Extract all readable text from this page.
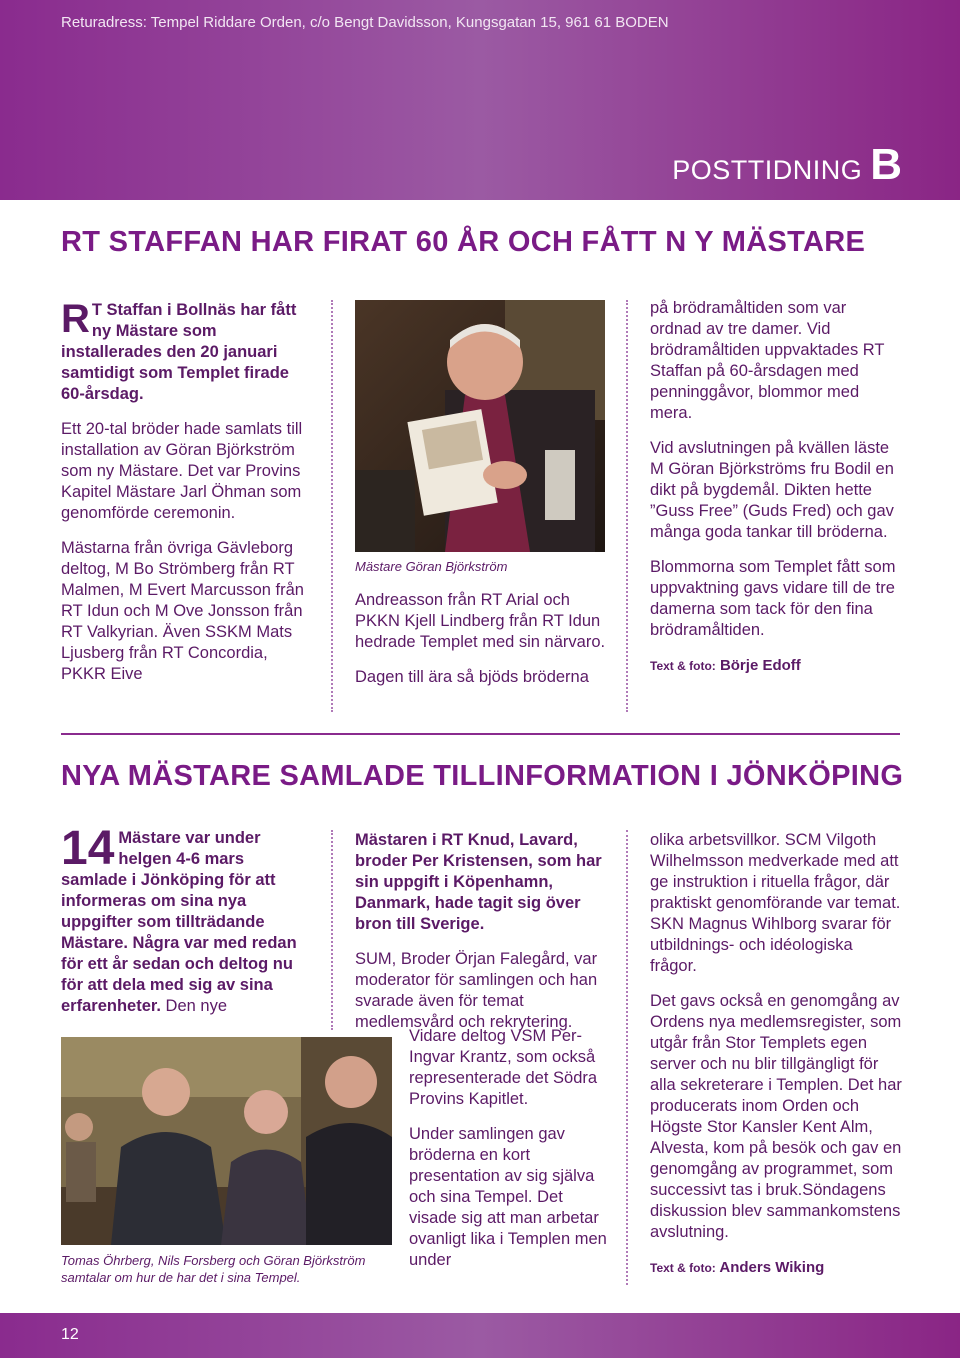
Returadress: Tempel Riddare Orden, c/o Bengt Davidsson, Kungsgatan 15, 961 61 BODEN
POSTTIDNING B
RT STAFFAN HAR FIRAT 60 ÅR OCH FÅTT N Y MÄSTARE

R T Staffan i Bollnäs har fått ny Mästare som installerades den 20 januari samtidigt som Templet firade 60-årsdag.

Ett 20-tal bröder hade samlats till installation av Göran Björkström som ny Mästare. Det var Provins Kapitel Mästare Jarl Öhman som genomförde ceremonin.

Mästarna från övriga Gävleborg deltog, M Bo Strömberg från RT Malmen, M Evert Marcusson från RT Idun och M Ove Jonsson från RT Valkyrian. Även SSKM Mats Ljusberg från RT Concordia, PKKR Eive

Mästare Göran Björkström

Andreasson från RT Arial och PKKN Kjell Lindberg från RT Idun hedrade Templet med sin närvaro.

Dagen till ära så bjöds bröderna

på brödramåltiden som var ordnad av tre damer. Vid brödramåltiden uppvaktades RT Staffan på 60-årsdagen med penninggåvor, blommor med mera.

Vid avslutningen på kvällen läste M Göran Björkströms fru Bodil en dikt på bygdemål. Dikten hette ”Guss Free” (Guds Fred) och gav många goda tankar till bröderna.

Blommorna som Templet fått som uppvaktning gavs vidare till de tre damerna som tack för den fina brödramåltiden.

Text & foto: Börje Edoff
NYA MÄSTARE SAMLADE TILLINFORMATION I JÖNKÖPING

14 Mästare var under helgen 4-6 mars samlade i Jönköping för att informeras om sina nya uppgifter som tillträdande Mästare. Några var med redan för ett år sedan och deltog nu för att dela med sig av sina erfarenheter. Den nye

Tomas Öhrberg, Nils Forsberg och Göran Björkström samtalar om hur de har det i sina Tempel.

Mästaren i RT Knud, Lavard, broder Per Kristensen, som har sin uppgift i Köpenhamn, Danmark, hade tagit sig över bron till Sverige.

SUM, Broder Örjan Falegård, var moderator för samlingen och han svarade även för temat medlemsvård och rekrytering.

Vidare deltog VSM Per-Ingvar Krantz, som också representerade det Södra Provins Kapitlet.

Under samlingen gav bröderna en kort presentation av sig själva och sina Tempel. Det visade sig att man arbetar ovanligt lika i Templen men under

olika arbetsvillkor. SCM Vilgoth Wilhelmsson medverkade med att ge instruktion i rituella frågor, där praktiskt genomförande var temat. SKN Magnus Wihlborg svarar för utbildnings- och idéologiska frågor.

Det gavs också en genomgång av Ordens nya medlemsregister, som utgår från Stor Templets egen server och nu blir tillgängligt för alla sekreterare i Templen. Det har producerats inom Orden och Högste Stor Kansler Kent Alm, Alvesta, kom på besök och gav en genomgång av programmet, som successivt tas i bruk.Söndagens diskussion blev sammankomstens avslutning.

Text & foto: Anders Wiking
12
